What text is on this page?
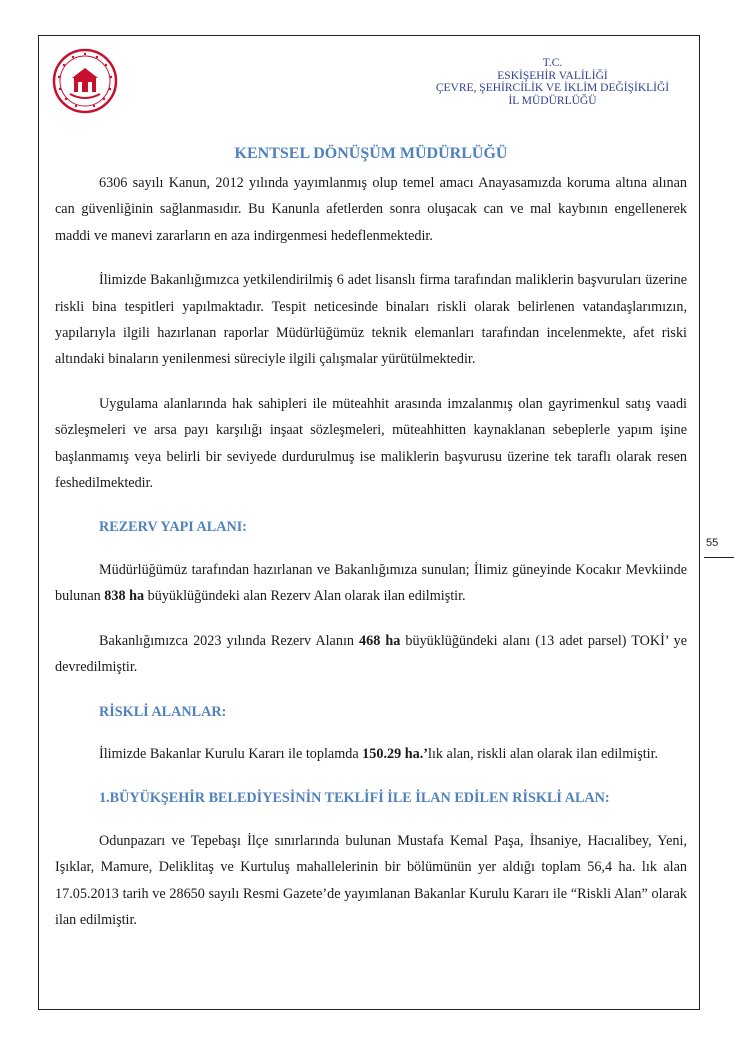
T.C.
ESKİŞEHİR VALİLİĞİ
ÇEVRE, ŞEHİRCİLİK VE İKLİM DEĞİŞİKLİĞİ
İL MÜDÜRLÜĞÜ
KENTSEL DÖNÜŞÜM MÜDÜRLÜĞÜ

6306 sayılı Kanun, 2012 yılında yayımlanmış olup temel amacı Anayasamızda koruma altına alınan can güvenliğinin sağlanmasıdır. Bu Kanunla afetlerden sonra oluşacak can ve mal kaybının engellenerek maddi ve manevi zararların en aza indirgenmesi hedeflenmektedir.

İlimizde Bakanlığımızca yetkilendirilmiş 6 adet lisanslı firma tarafından maliklerin başvuruları üzerine riskli bina tespitleri yapılmaktadır. Tespit neticesinde binaları riskli olarak belirlenen vatandaşlarımızın, yapılarıyla ilgili hazırlanan raporlar Müdürlüğümüz teknik elemanları tarafından incelenmekte, afet riski altındaki binaların yenilenmesi süreciyle ilgili çalışmalar yürütülmektedir.

Uygulama alanlarında hak sahipleri ile müteahhit arasında imzalanmış olan gayrimenkul satış vaadi sözleşmeleri ve arsa payı karşılığı inşaat sözleşmeleri, müteahhitten kaynaklanan sebeplerle yapım işine başlanmamış veya belirli bir seviyede durdurulmuş ise maliklerin başvurusu üzerine tek taraflı olarak resen feshedilmektedir.

REZERV YAPI ALANI:

Müdürlüğümüz tarafından hazırlanan ve Bakanlığımıza sunulan; İlimiz güneyinde Kocakır Mevkiinde bulunan 838 ha büyüklüğündeki alan Rezerv Alan olarak ilan edilmiştir.

Bakanlığımızca 2023 yılında Rezerv Alanın 468 ha büyüklüğündeki alanı (13 adet parsel) TOKİ’ ye devredilmiştir.

RİSKLİ ALANLAR:

İlimizde Bakanlar Kurulu Kararı ile toplamda 150.29 ha.’lık alan, riskli alan olarak ilan edilmiştir.

1.BÜYÜKŞEHİR BELEDİYESİNİN TEKLİFİ İLE İLAN EDİLEN RİSKLİ ALAN:

Odunpazarı ve Tepebaşı İlçe sınırlarında bulunan Mustafa Kemal Paşa, İhsaniye, Hacıalibey, Yeni, Işıklar, Mamure, Deliklitaş ve Kurtuluş mahallelerinin bir bölümünün yer aldığı toplam 56,4 ha. lık alan 17.05.2013 tarih ve 28650 sayılı Resmi Gazete’de yayımlanan Bakanlar Kurulu Kararı ile “Riskli Alan” olarak ilan edilmiştir.

55
